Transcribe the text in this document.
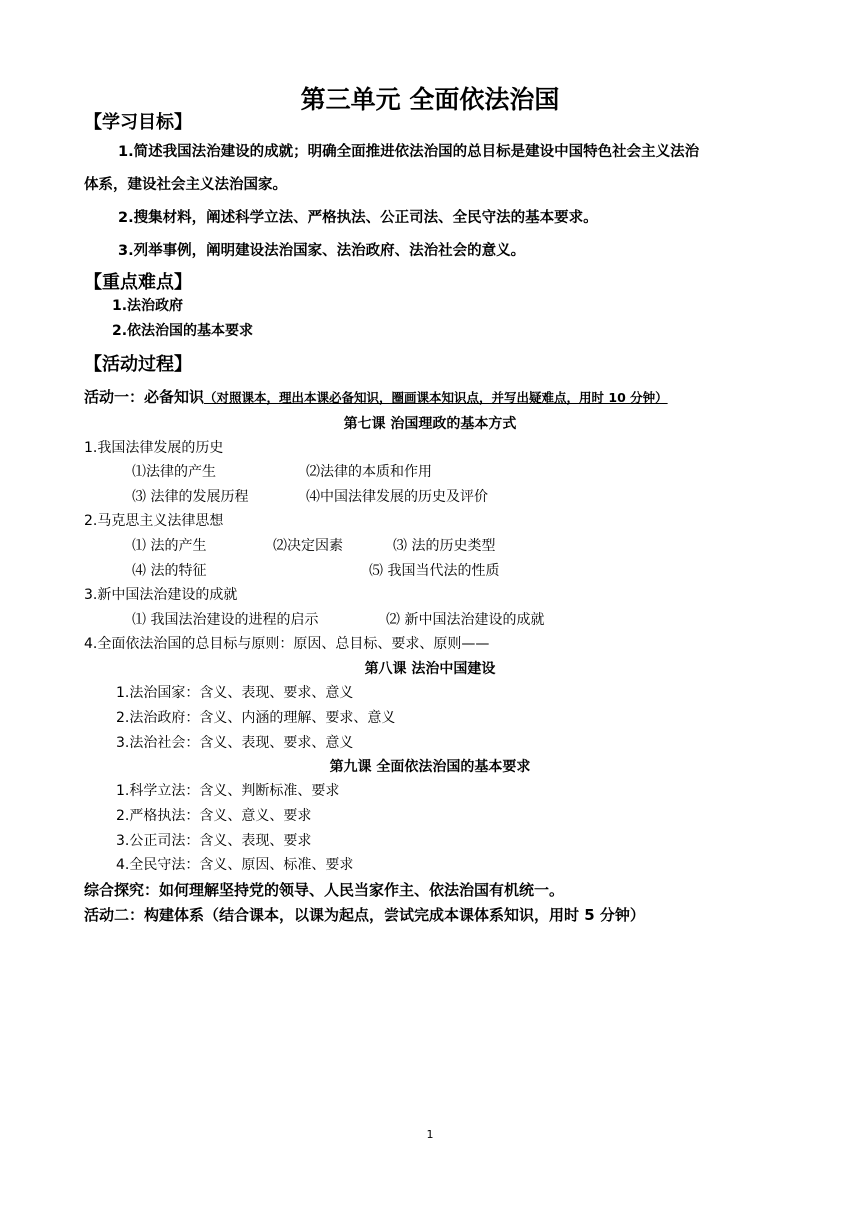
第三单元 全面依法治国
【学习目标】
1.简述我国法治建设的成就；明确全面推进依法治国的总目标是建设中国特色社会主义法治
体系，建设社会主义法治国家。
2.搜集材料，阐述科学立法、严格执法、公正司法、全民守法的基本要求。
3.列举事例，阐明建设法治国家、法治政府、法治社会的意义。
【重点难点】
1.法治政府
2.依法治国的基本要求
【活动过程】
活动一：必备知识（对照课本，理出本课必备知识，圈画课本知识点，并写出疑难点，用时 10 分钟）
第七课 治国理政的基本方式
1.我国法律发展的历史
⑴法律的产生	⑵法律的本质和作用
⑶ 法律的发展历程	⑷中国法律发展的历史及评价
2.马克思主义法律思想
⑴ 法的产生	⑵决定因素	⑶ 法的历史类型
⑷ 法的特征	⑸ 我国当代法的性质
3.新中国法治建设的成就
⑴ 我国法治建设的进程的启示	⑵ 新中国法治建设的成就
4.全面依法治国的总目标与原则：原因、总目标、要求、原则——
第八课 法治中国建设
1.法治国家：含义、表现、要求、意义
2.法治政府：含义、内涵的理解、要求、意义
3.法治社会：含义、表现、要求、意义
第九课 全面依法治国的基本要求
1.科学立法：含义、判断标准、要求
2.严格执法：含义、意义、要求
3.公正司法：含义、表现、要求
4.全民守法：含义、原因、标准、要求
综合探究：如何理解坚持党的领导、人民当家作主、依法治国有机统一。
活动二：构建体系（结合课本，以课为起点，尝试完成本课体系知识，用时 5 分钟）
1
